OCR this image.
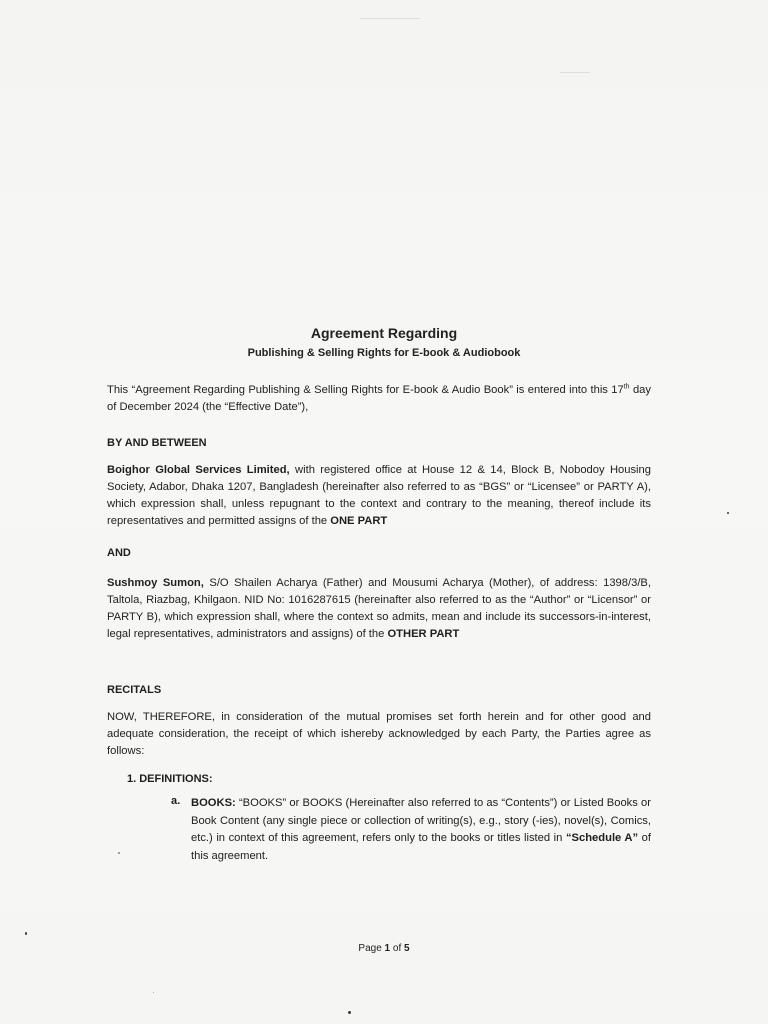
Agreement Regarding
Publishing & Selling Rights for E-book & Audiobook
This “Agreement Regarding Publishing & Selling Rights for E-book & Audio Book” is entered into this 17th day of December 2024 (the “Effective Date”),
BY AND BETWEEN
Boighor Global Services Limited, with registered office at House 12 & 14, Block B, Nobodoy Housing Society, Adabor, Dhaka 1207, Bangladesh (hereinafter also referred to as “BGS” or “Licensee” or PARTY A), which expression shall, unless repugnant to the context and contrary to the meaning, thereof include its representatives and permitted assigns of the ONE PART
AND
Sushmoy Sumon, S/O Shailen Acharya (Father) and Mousumi Acharya (Mother), of address: 1398/3/B, Taltola, Riazbag, Khilgaon. NID No: 1016287615 (hereinafter also referred to as the “Author” or “Licensor” or PARTY B), which expression shall, where the context so admits, mean and include its successors-in-interest, legal representatives, administrators and assigns) of the OTHER PART
RECITALS
NOW, THEREFORE, in consideration of the mutual promises set forth herein and for other good and adequate consideration, the receipt of which ishereby acknowledged by each Party, the Parties agree as follows:
1. DEFINITIONS:
a. BOOKS: “BOOKS” or BOOKS (Hereinafter also referred to as “Contents”) or Listed Books or Book Content (any single piece or collection of writing(s), e.g., story (-ies), novel(s), Comics, etc.) in context of this agreement, refers only to the books or titles listed in “Schedule A” of this agreement.
Page 1 of 5
